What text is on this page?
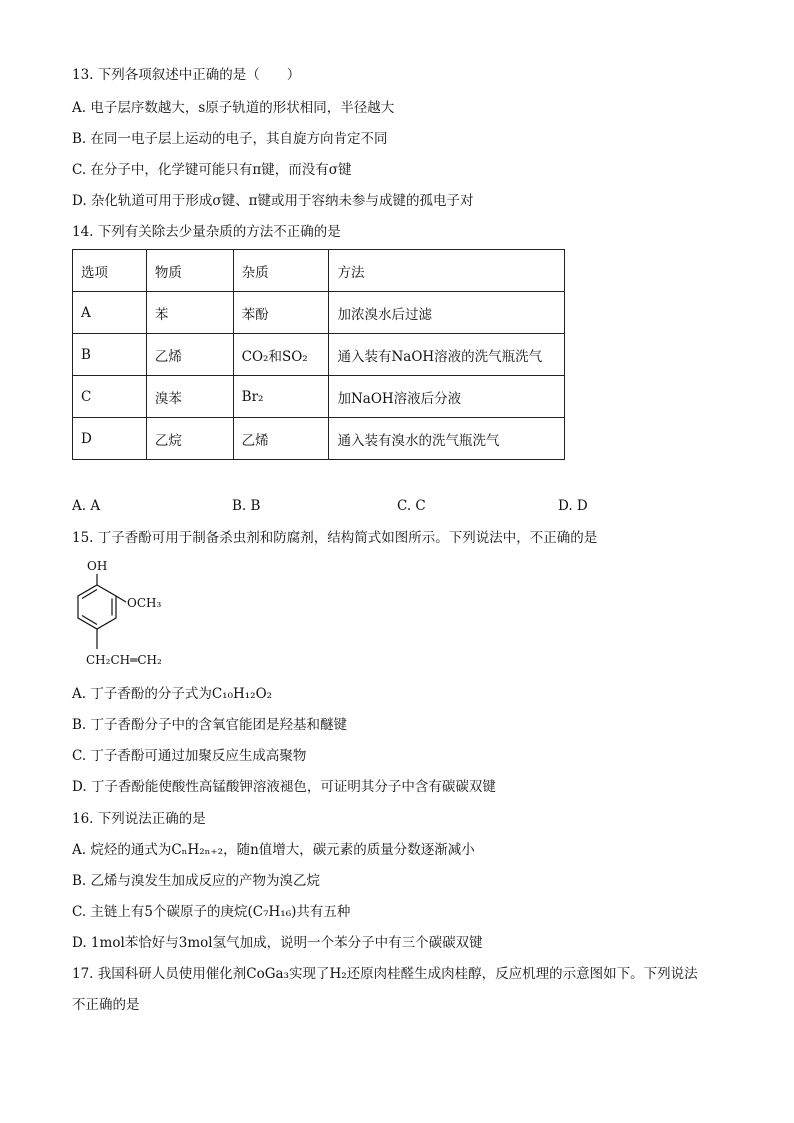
13. 下列各项叙述中正确的是（　　）
A. 电子层序数越大，s原子轨道的形状相同，半径越大
B. 在同一电子层上运动的电子，其自旋方向肯定不同
C. 在分子中，化学键可能只有π键，而没有σ键
D. 杂化轨道可用于形成σ键、π键或用于容纳未参与成键的孤电子对
14. 下列有关除去少量杂质的方法不正确的是
选项	物质	杂质	方法
A	苯	苯酚	加浓溴水后过滤
B	乙烯	CO₂和SO₂	通入装有NaOH溶液的洗气瓶洗气
C	溴苯	Br₂	加NaOH溶液后分液
D	乙烷	乙烯	通入装有溴水的洗气瓶洗气
A. A	B. B	C. C	D. D
15. 丁子香酚可用于制备杀虫剂和防腐剂，结构简式如图所示。下列说法中，不正确的是
OH
OCH₃
CH₂CH═CH₂
A. 丁子香酚的分子式为C₁₀H₁₂O₂
B. 丁子香酚分子中的含氧官能团是羟基和醚键
C. 丁子香酚可通过加聚反应生成高聚物
D. 丁子香酚能使酸性高锰酸钾溶液褪色，可证明其分子中含有碳碳双键
16. 下列说法正确的是
A. 烷烃的通式为CₙH₂ₙ₊₂，随n值增大，碳元素的质量分数逐渐减小
B. 乙烯与溴发生加成反应的产物为溴乙烷
C. 主链上有5个碳原子的庚烷(C₇H₁₆)共有五种
D. 1mol苯恰好与3mol氢气加成，说明一个苯分子中有三个碳碳双键
17. 我国科研人员使用催化剂CoGa₃实现了H₂还原肉桂醛生成肉桂醇，反应机理的示意图如下。下列说法
不正确的是
